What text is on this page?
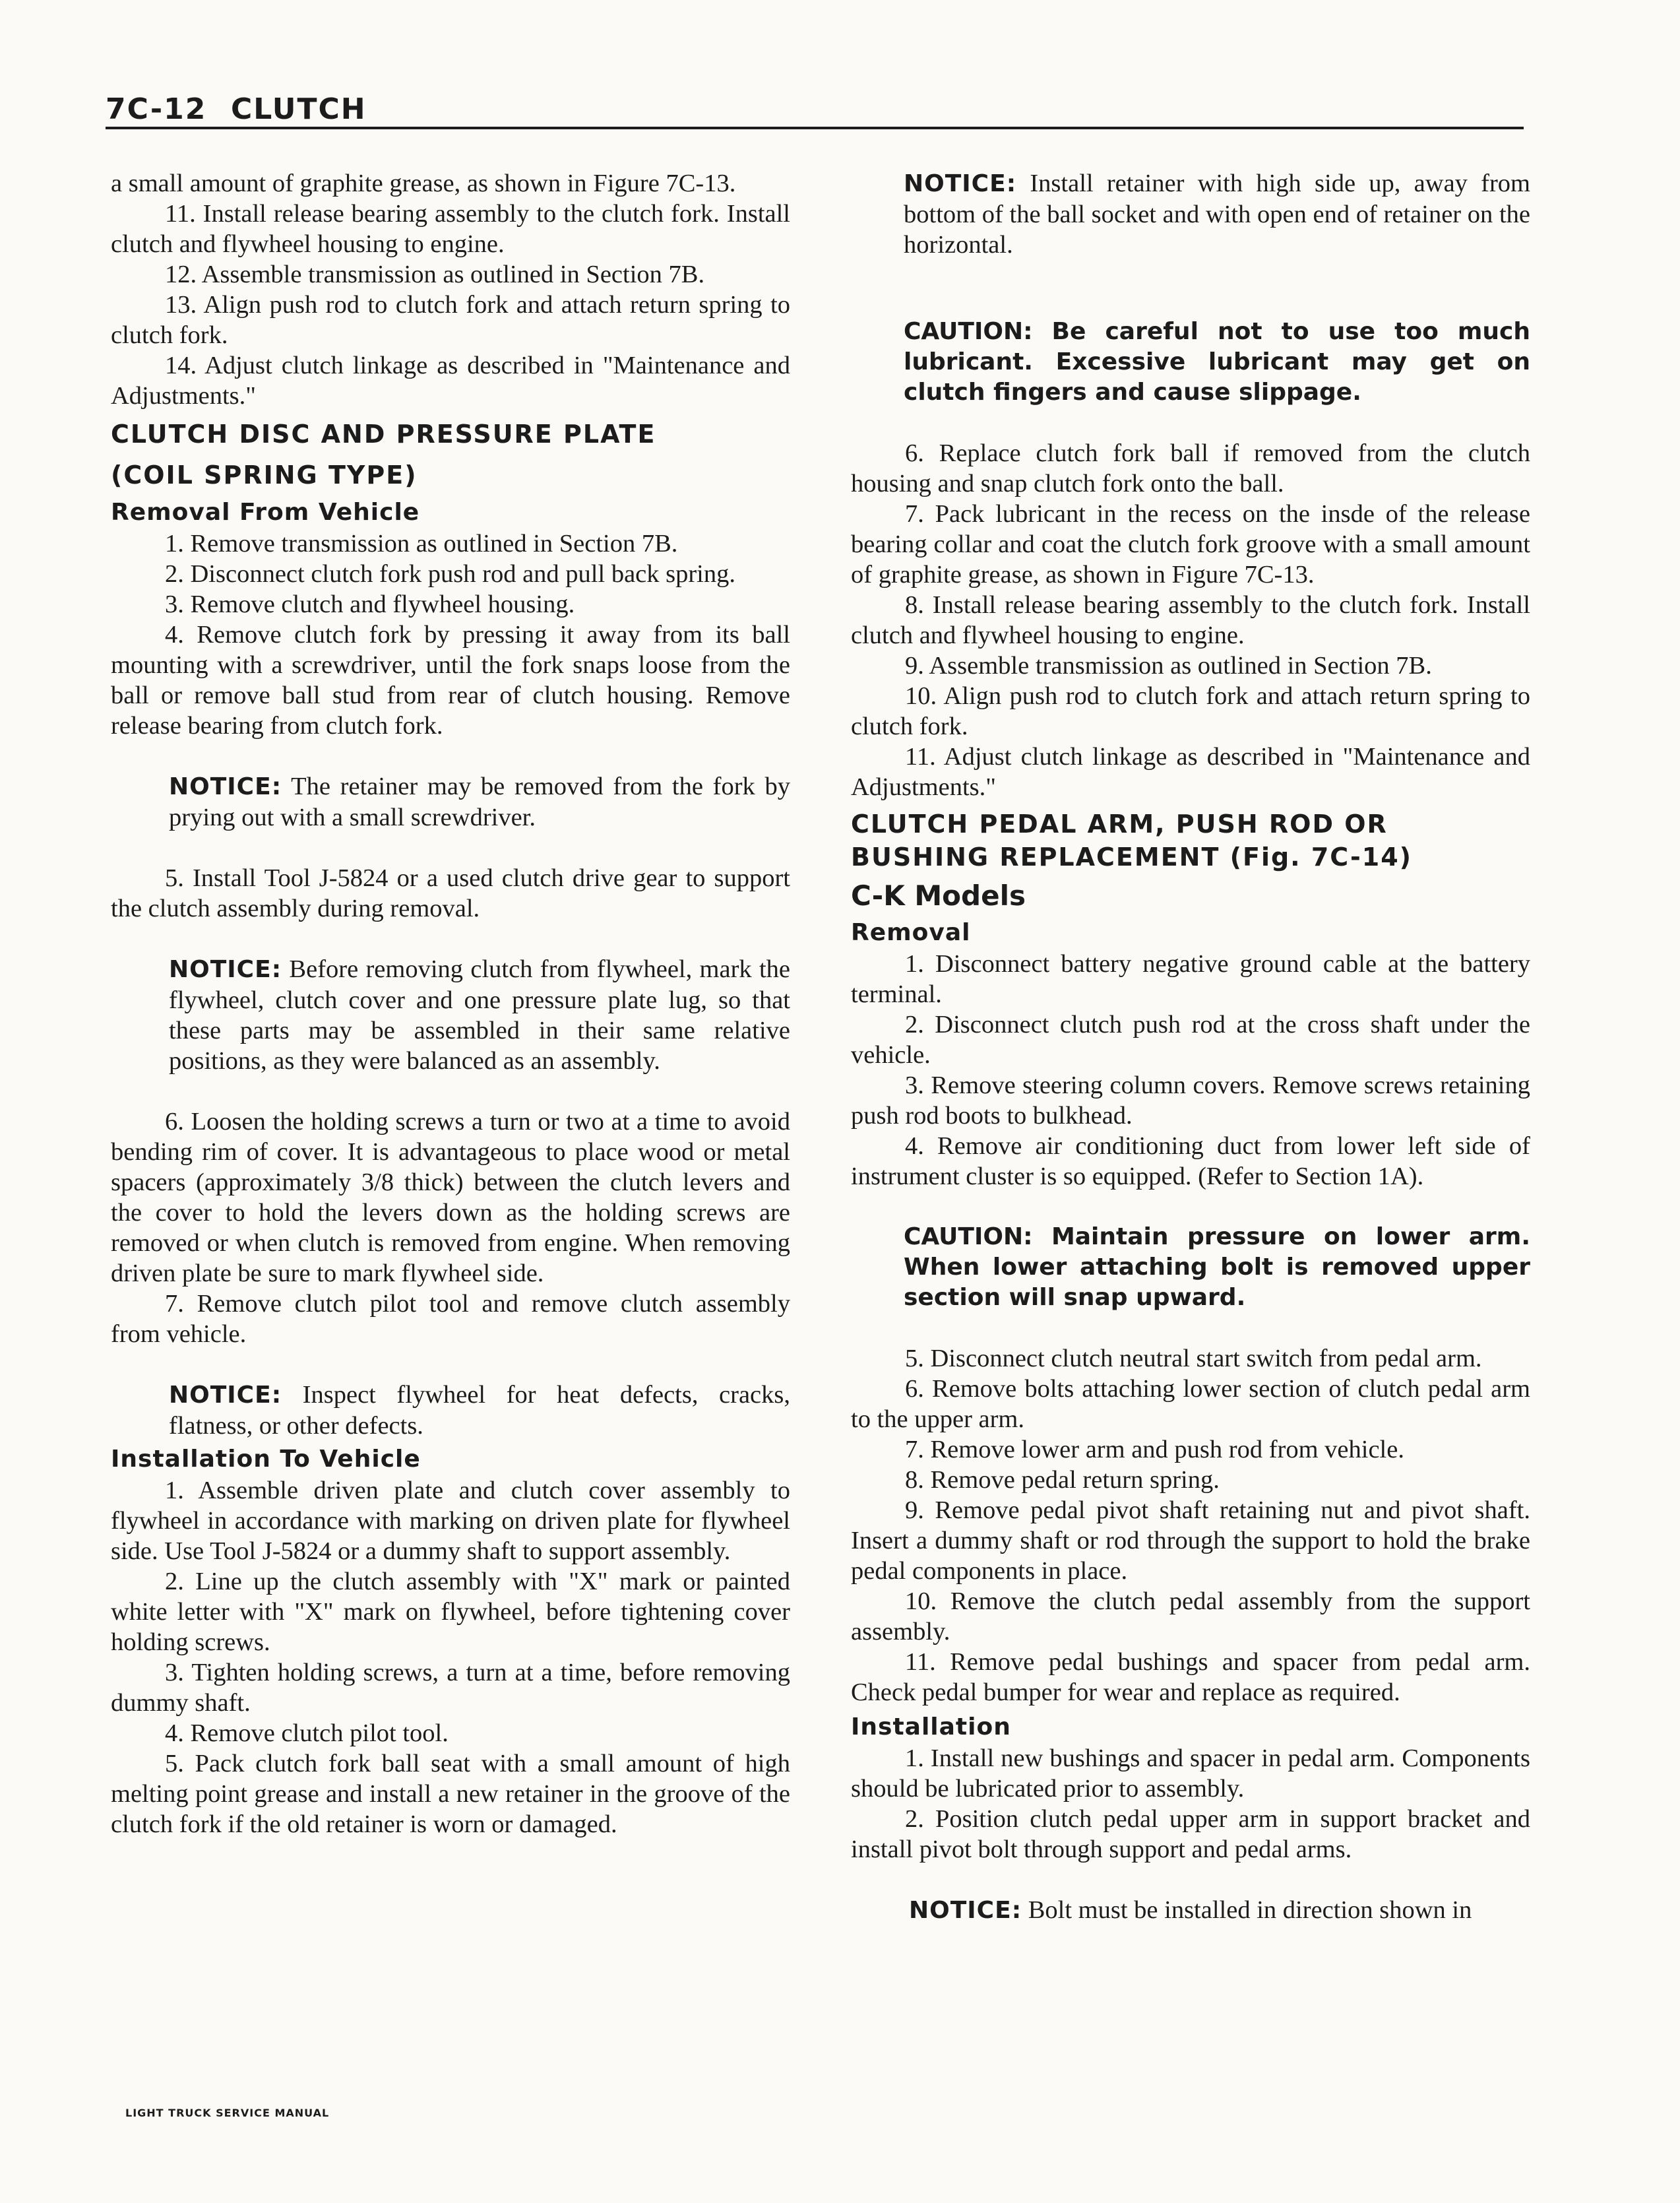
7C-12 CLUTCH

a small amount of graphite grease, as shown in Figure 7C-13.

11. Install release bearing assembly to the clutch fork. Install clutch and flywheel housing to engine.

12. Assemble transmission as outlined in Section 7B.

13. Align push rod to clutch fork and attach return spring to clutch fork.

14. Adjust clutch linkage as described in "Maintenance and Adjustments."

CLUTCH DISC AND PRESSURE PLATE
(COIL SPRING TYPE)
Removal From Vehicle

1. Remove transmission as outlined in Section 7B.

2. Disconnect clutch fork push rod and pull back spring.

3. Remove clutch and flywheel housing.

4. Remove clutch fork by pressing it away from its ball mounting with a screwdriver, until the fork snaps loose from the ball or remove ball stud from rear of clutch housing. Remove release bearing from clutch fork.

NOTICE: The retainer may be removed from the fork by prying out with a small screwdriver.

5. Install Tool J-5824 or a used clutch drive gear to support the clutch assembly during removal.

NOTICE: Before removing clutch from flywheel, mark the flywheel, clutch cover and one pressure plate lug, so that these parts may be assembled in their same relative positions, as they were balanced as an assembly.

6. Loosen the holding screws a turn or two at a time to avoid bending rim of cover. It is advantageous to place wood or metal spacers (approximately 3/8 thick) between the clutch levers and the cover to hold the levers down as the holding screws are removed or when clutch is removed from engine. When removing driven plate be sure to mark flywheel side.

7. Remove clutch pilot tool and remove clutch assembly from vehicle.

NOTICE: Inspect flywheel for heat defects, cracks, flatness, or other defects.

Installation To Vehicle

1. Assemble driven plate and clutch cover assembly to flywheel in accordance with marking on driven plate for flywheel side. Use Tool J-5824 or a dummy shaft to support assembly.

2. Line up the clutch assembly with "X" mark or painted white letter with "X" mark on flywheel, before tightening cover holding screws.

3. Tighten holding screws, a turn at a time, before removing dummy shaft.

4. Remove clutch pilot tool.

5. Pack clutch fork ball seat with a small amount of high melting point grease and install a new retainer in the groove of the clutch fork if the old retainer is worn or damaged.

NOTICE: Install retainer with high side up, away from bottom of the ball socket and with open end of retainer on the horizontal.

CAUTION: Be careful not to use too much lubricant. Excessive lubricant may get on clutch fingers and cause slippage.

6. Replace clutch fork ball if removed from the clutch housing and snap clutch fork onto the ball.

7. Pack lubricant in the recess on the insde of the release bearing collar and coat the clutch fork groove with a small amount of graphite grease, as shown in Figure 7C-13.

8. Install release bearing assembly to the clutch fork. Install clutch and flywheel housing to engine.

9. Assemble transmission as outlined in Section 7B.

10. Align push rod to clutch fork and attach return spring to clutch fork.

11. Adjust clutch linkage as described in "Maintenance and Adjustments."

CLUTCH PEDAL ARM, PUSH ROD OR
BUSHING REPLACEMENT (Fig. 7C-14)
C-K Models
Removal

1. Disconnect battery negative ground cable at the battery terminal.

2. Disconnect clutch push rod at the cross shaft under the vehicle.

3. Remove steering column covers. Remove screws retaining push rod boots to bulkhead.

4. Remove air conditioning duct from lower left side of instrument cluster is so equipped. (Refer to Section 1A).

CAUTION: Maintain pressure on lower arm. When lower attaching bolt is removed upper section will snap upward.

5. Disconnect clutch neutral start switch from pedal arm.

6. Remove bolts attaching lower section of clutch pedal arm to the upper arm.

7. Remove lower arm and push rod from vehicle.

8. Remove pedal return spring.

9. Remove pedal pivot shaft retaining nut and pivot shaft. Insert a dummy shaft or rod through the support to hold the brake pedal components in place.

10. Remove the clutch pedal assembly from the support assembly.

11. Remove pedal bushings and spacer from pedal arm. Check pedal bumper for wear and replace as required.

Installation

1. Install new bushings and spacer in pedal arm. Components should be lubricated prior to assembly.

2. Position clutch pedal upper arm in support bracket and install pivot bolt through support and pedal arms.

NOTICE: Bolt must be installed in direction shown in

LIGHT TRUCK SERVICE MANUAL
